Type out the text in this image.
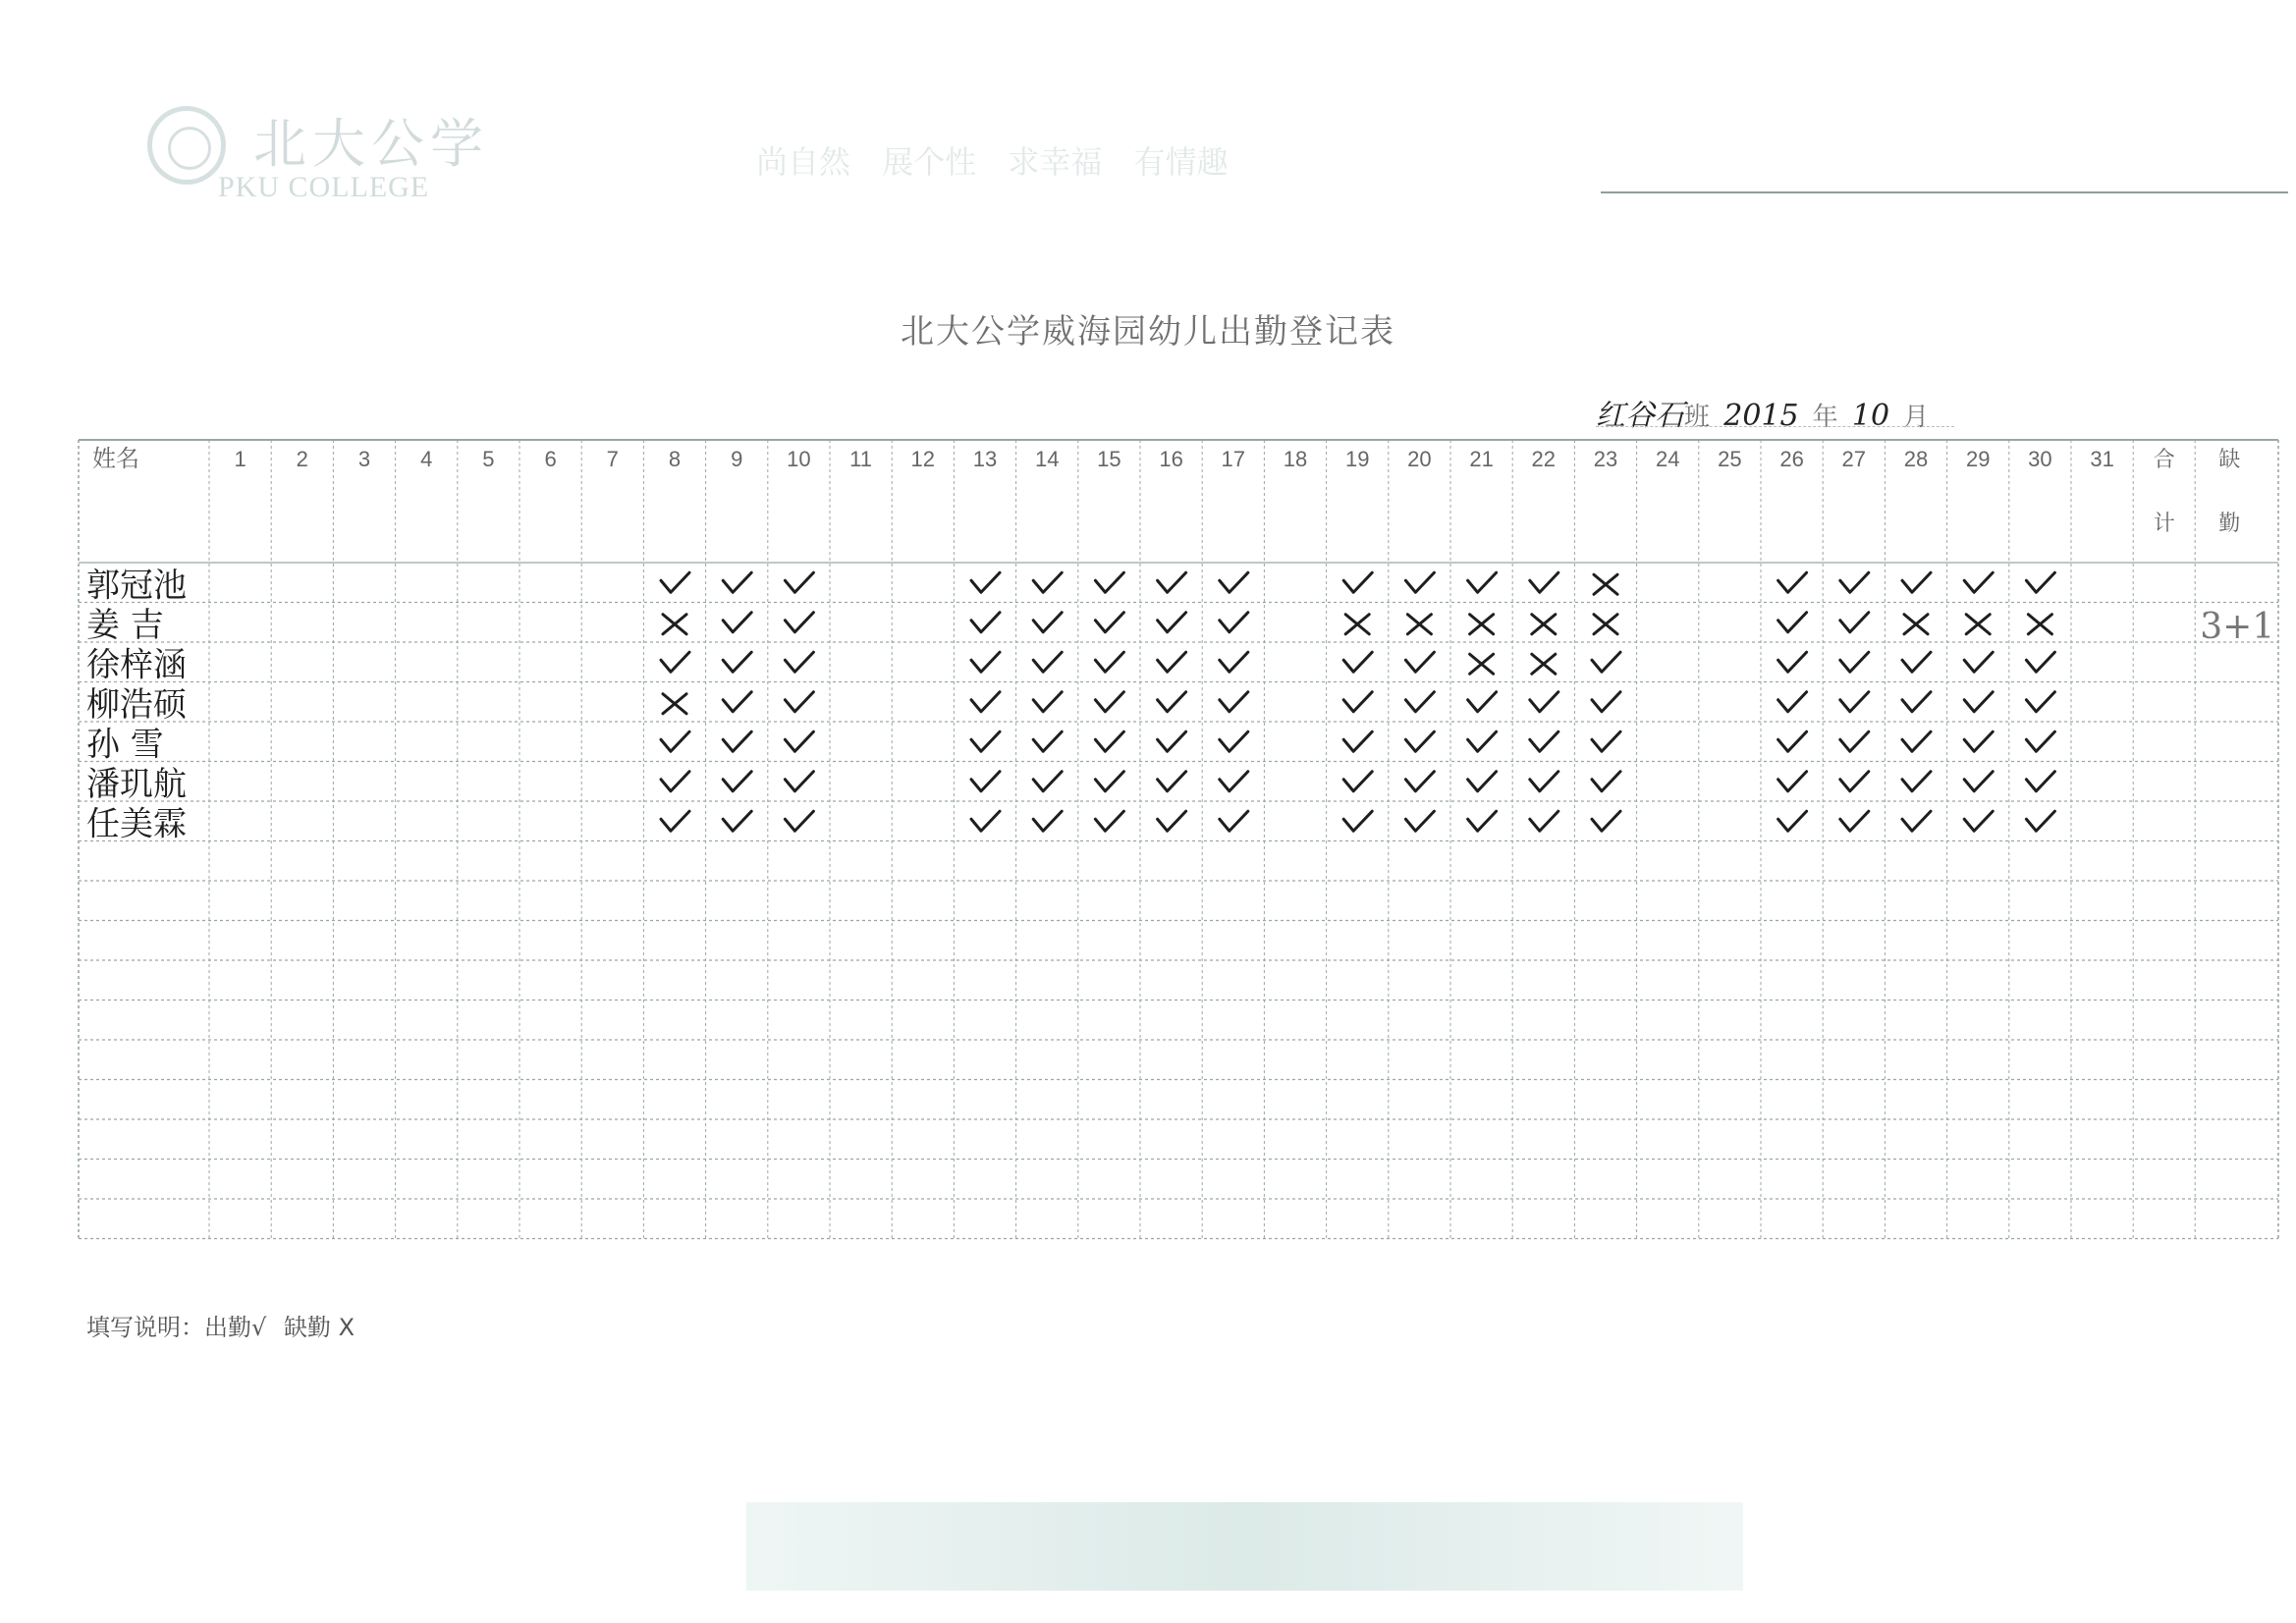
北大公学
PKU COLLEGE
尚自然 展个性 求幸福 有情趣
北大公学威海园幼儿出勤登记表
红谷石班 2015 年 10 月
姓名	1 2 3 4 5 6 7 8 9 10 11 12 13 14 15 16 17 18 19 20 21 22 23 24 25 26 27 28 29 30 31 合
计
缺
勤
郭冠池
姜 吉	3+1
徐梓涵
柳浩硕
孙 雪
潘玑航
任美霖
填写说明：出勤√ 缺勤 X
